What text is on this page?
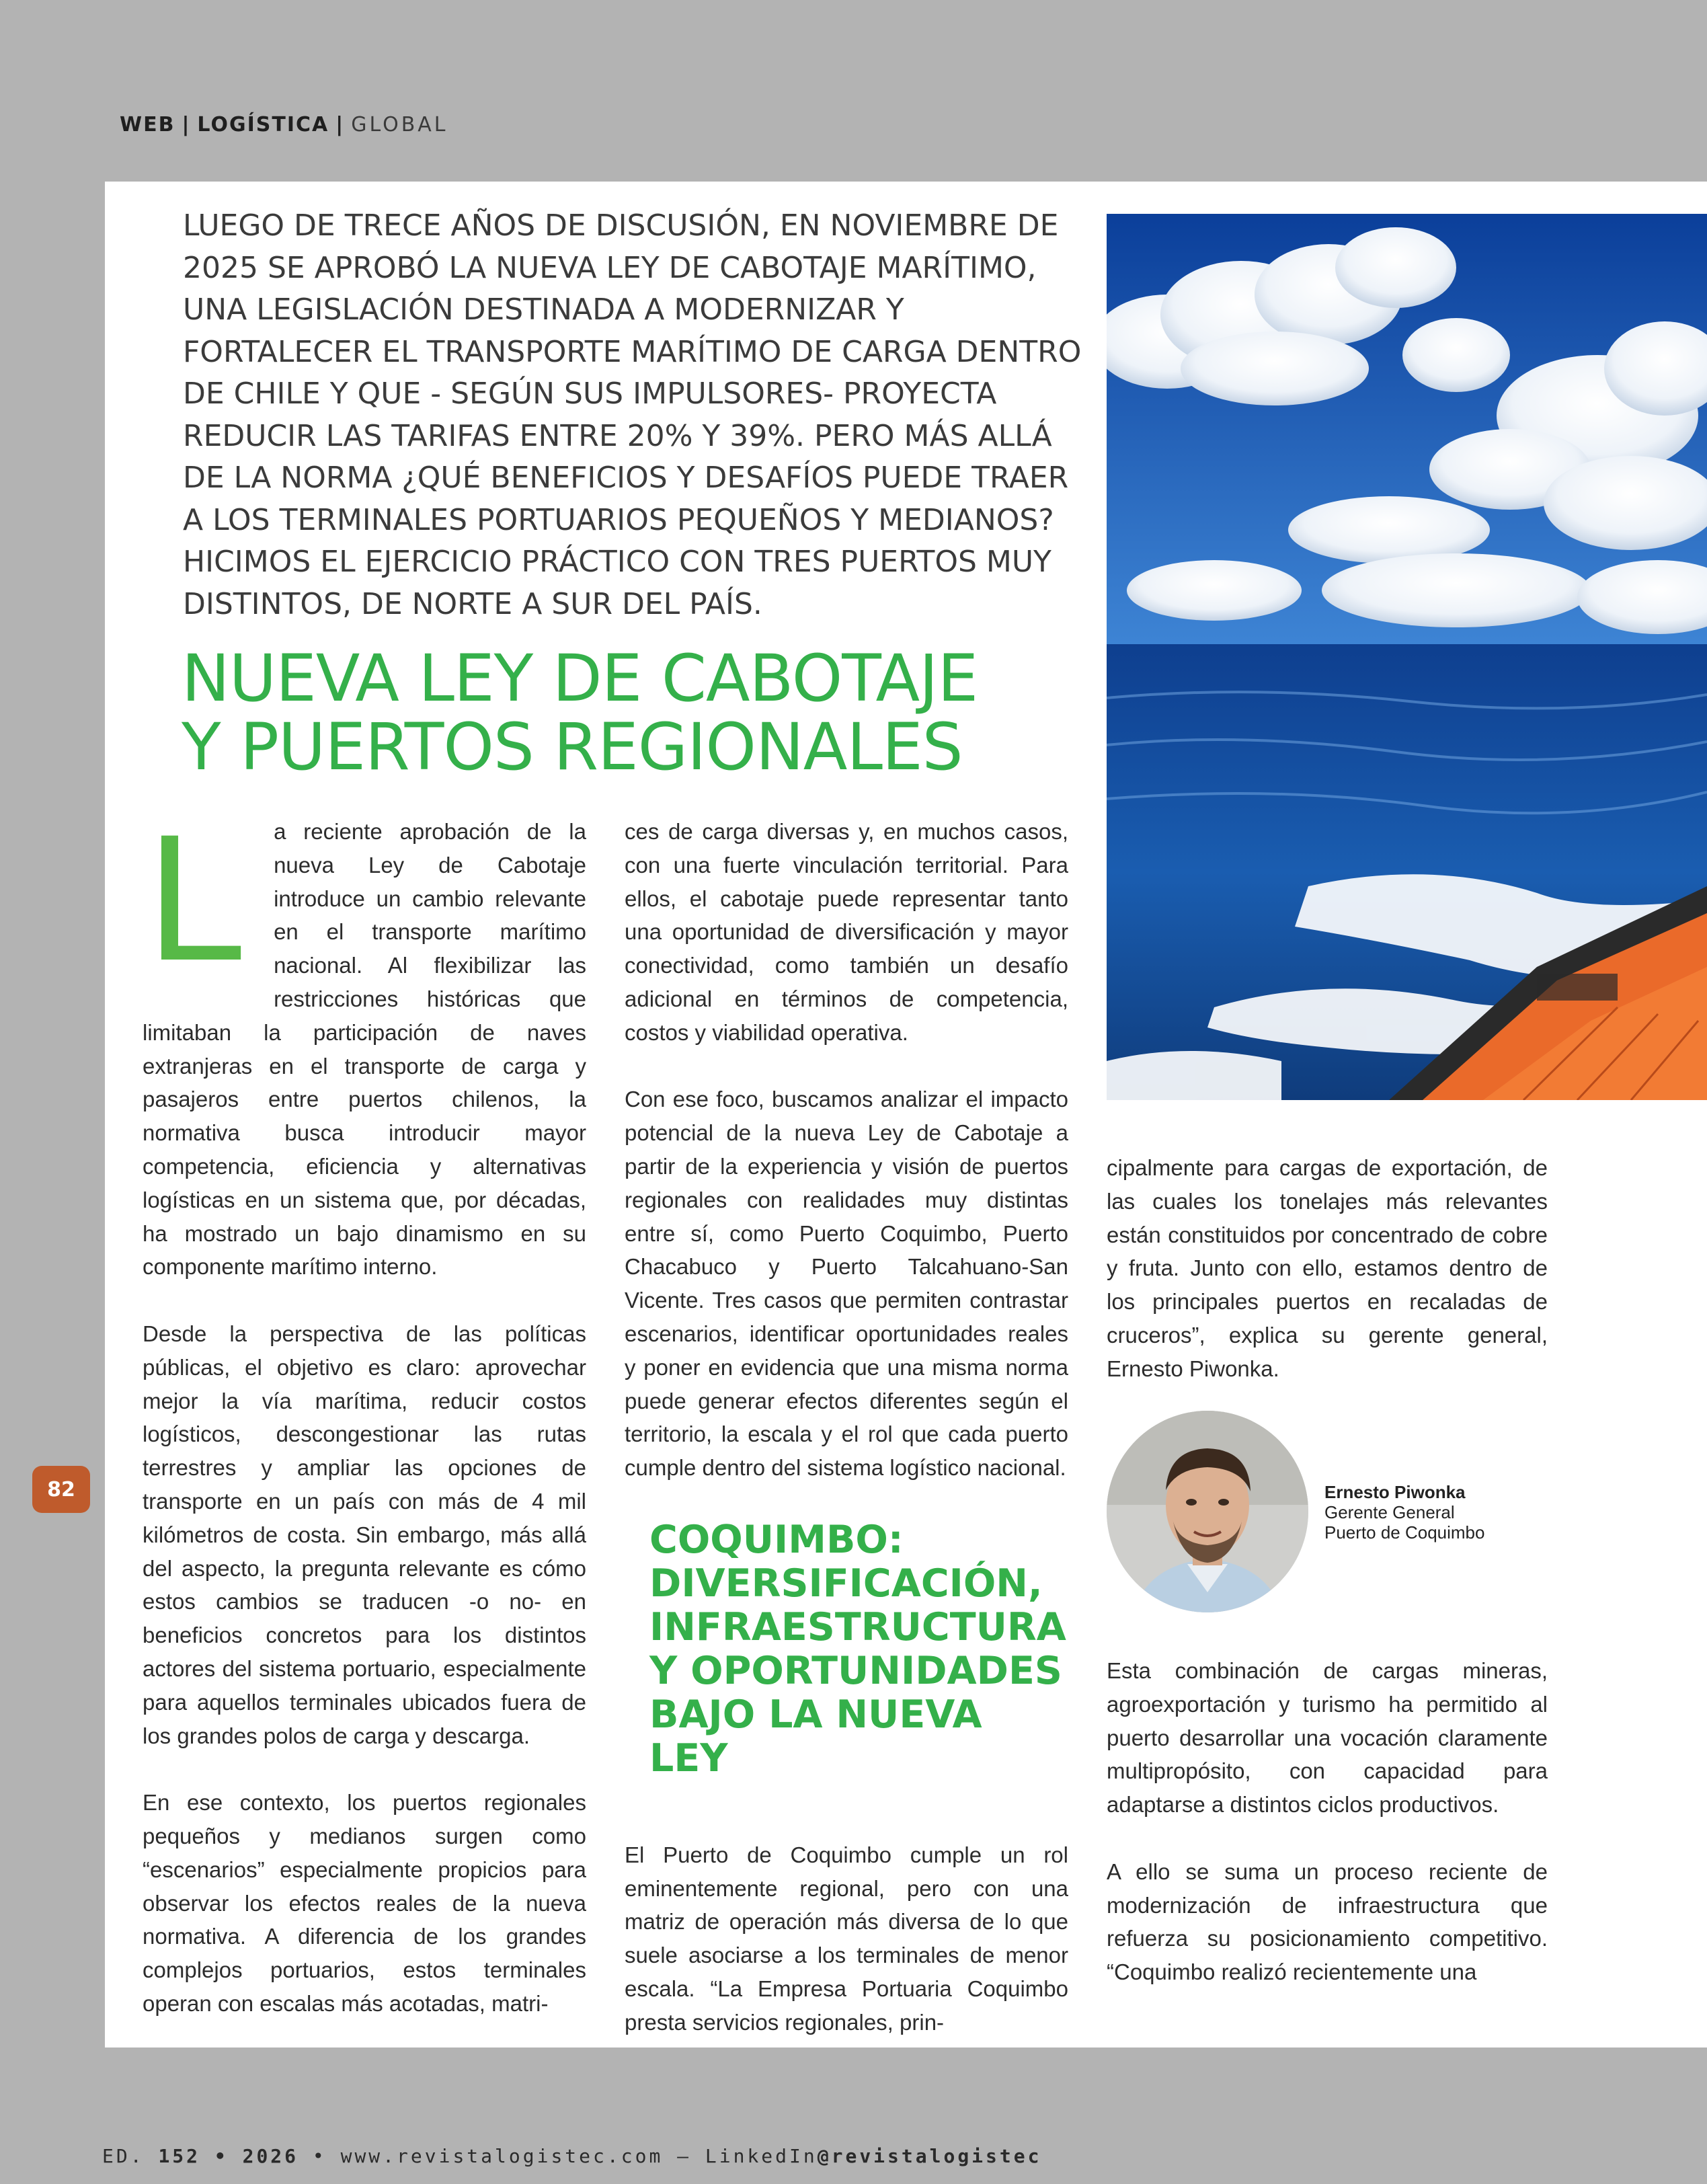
WEB | LOGÍSTICA | GLOBAL

LUEGO DE TRECE AÑOS DE DISCUSIÓN, EN NOVIEMBRE DE 2025 SE APROBÓ LA NUEVA LEY DE CABOTAJE MARÍTIMO, UNA LEGISLACIÓN DESTINADA A MODERNIZAR Y FORTALECER EL TRANSPORTE MARÍTIMO DE CARGA DENTRO DE CHILE Y QUE - SEGÚN SUS IMPULSORES- PROYECTA REDUCIR LAS TARIFAS ENTRE 20% Y 39%. PERO MÁS ALLÁ DE LA NORMA ¿QUÉ BENEFICIOS Y DESAFÍOS PUEDE TRAER A LOS TERMINALES PORTUARIOS PEQUEÑOS Y MEDIANOS? HICIMOS EL EJERCICIO PRÁCTICO CON TRES PUERTOS MUY DISTINTOS, DE NORTE A SUR DEL PAÍS.

NUEVA LEY DE CABOTAJE
Y PUERTOS REGIONALES

L a reciente aprobación de la nueva Ley de Cabotaje introduce un cambio relevante en el transporte marítimo nacional. Al flexibilizar las restricciones históricas que limitaban la participación de naves extranjeras en el transporte de carga y pasajeros entre puertos chilenos, la normativa busca introducir mayor competencia, eficiencia y alternativas logísticas en un sistema que, por décadas, ha mostrado un bajo dinamismo en su componente marítimo interno.

Desde la perspectiva de las políticas públicas, el objetivo es claro: aprovechar mejor la vía marítima, reducir costos logísticos, descongestionar las rutas terrestres y ampliar las opciones de transporte en un país con más de 4 mil kilómetros de costa. Sin embargo, más allá del aspecto, la pregunta relevante es cómo estos cambios se traducen -o no- en beneficios concretos para los distintos actores del sistema portuario, especialmente para aquellos terminales ubicados fuera de los grandes polos de carga y descarga.

En ese contexto, los puertos regionales pequeños y medianos surgen como “escenarios” especialmente propicios para observar los efectos reales de la nueva normativa. A diferencia de los grandes complejos portuarios, estos terminales operan con escalas más acotadas, matri-

ces de carga diversas y, en muchos casos, con una fuerte vinculación territorial. Para ellos, el cabotaje puede representar tanto una oportunidad de diversificación y mayor conectividad, como también un desafío adicional en términos de competencia, costos y viabilidad operativa.

Con ese foco, buscamos analizar el impacto potencial de la nueva Ley de Cabotaje a partir de la experiencia y visión de puertos regionales con realidades muy distintas entre sí, como Puerto Coquimbo, Puerto Chacabuco y Puerto Talcahuano-San Vicente. Tres casos que permiten contrastar escenarios, identificar oportunidades reales y poner en evidencia que una misma norma puede generar efectos diferentes según el territorio, la escala y el rol que cada puerto cumple dentro del sistema logístico nacional.

COQUIMBO: DIVERSIFICACIÓN, INFRAESTRUCTURA Y OPORTUNIDADES BAJO LA NUEVA LEY

El Puerto de Coquimbo cumple un rol eminentemente regional, pero con una matriz de operación más diversa de lo que suele asociarse a los terminales de menor escala. “La Empresa Portuaria Coquimbo presta servicios regionales, prin-

cipalmente para cargas de exportación, de las cuales los tonelajes más relevantes están constituidos por concentrado de cobre y fruta. Junto con ello, estamos dentro de los principales puertos en recaladas de cruceros”, explica su gerente general, Ernesto Piwonka.

Ernesto Piwonka
Gerente General
Puerto de Coquimbo

Esta combinación de cargas mineras, agroexportación y turismo ha permitido al puerto desarrollar una vocación claramente multipropósito, con capacidad para adaptarse a distintos ciclos productivos.

A ello se suma un proceso reciente de modernización de infraestructura que refuerza su posicionamiento competitivo. “Coquimbo realizó recientemente una

82
ED. 152 • 2026 • www.revistalogistec.com – LinkedIn@revistalogistec
